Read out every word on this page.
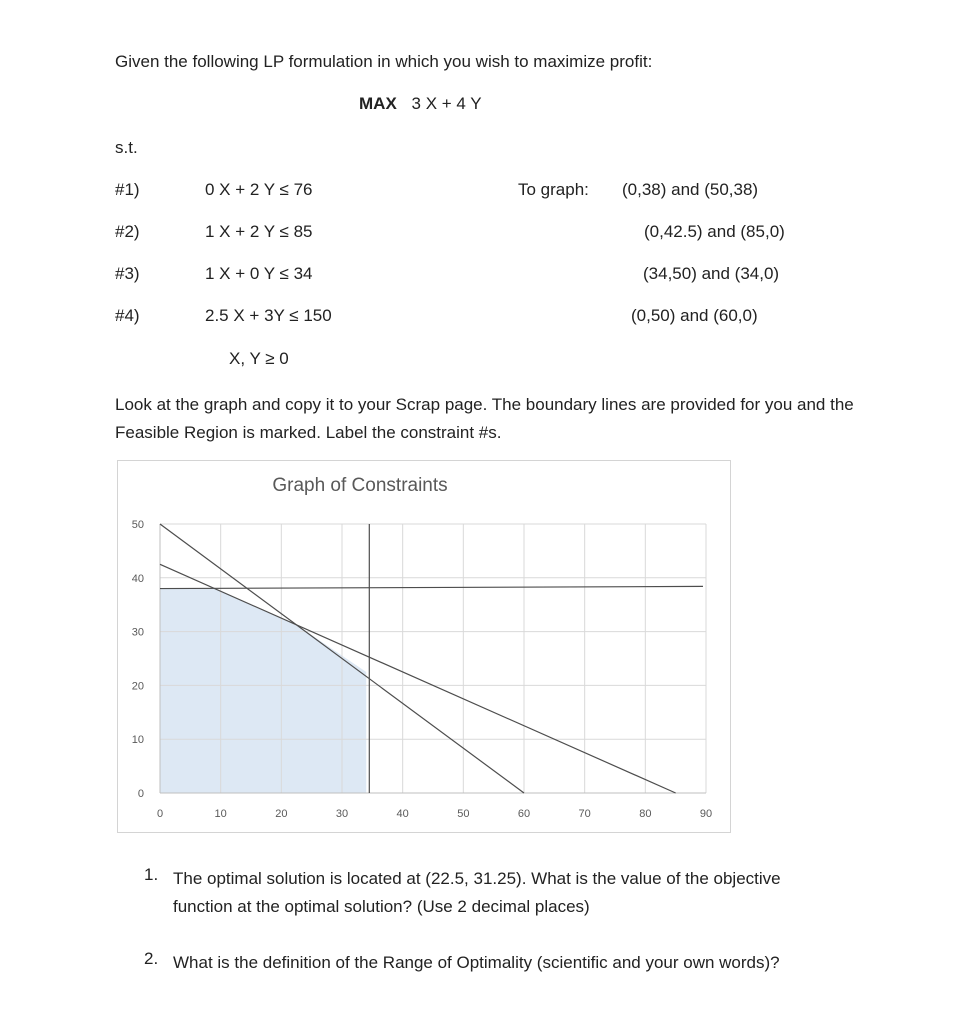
Given the following LP formulation in which you wish to maximize profit:
MAX 3 X + 4 Y
s.t.
#1)	0 X + 2 Y ≤ 76	To graph: (0,38) and (50,38)
#2)	1 X + 2 Y ≤ 85	(0,42.5) and (85,0)
#3)	1 X + 0 Y ≤ 34	(34,50) and (34,0)
#4)	2.5 X + 3Y ≤ 150	(0,50) and (60,0)
X, Y ≥ 0
Look at the graph and copy it to your Scrap page. The boundary lines are provided for you and the Feasible Region is marked. Label the constraint #s.
Graph of Constraints
0	10	20	30	40	50	60	70	80	90
0
10
20
30
40
50
1. The optimal solution is located at (22.5, 31.25). What is the value of the objective function at the optimal solution? (Use 2 decimal places)
2. What is the definition of the Range of Optimality (scientific and your own words)?
